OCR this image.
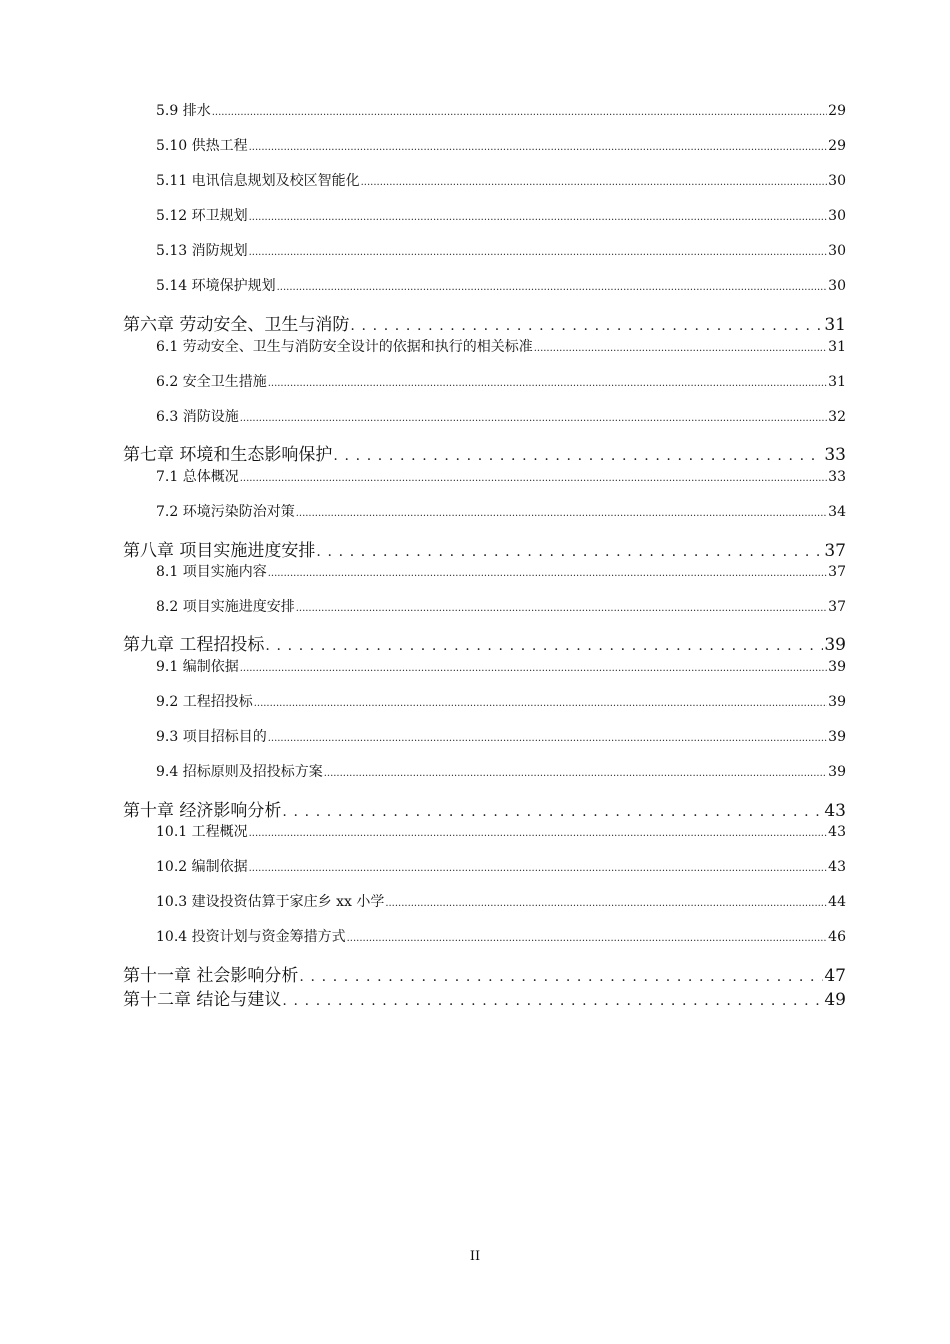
5.9 排水 .....	29
5.10 供热工程 .....	29
5.11 电讯信息规划及校区智能化 .....	30
5.12 环卫规划 .....	30
5.13 消防规划 .....	30
5.14 环境保护规划 .....	30
第六章 劳动安全、卫生与消防 . . .	31
6.1 劳动安全、卫生与消防安全设计的依据和执行的相关标准 .....	31
6.2 安全卫生措施 .....	31
6.3 消防设施 .....	32
第七章 环境和生态影响保护 . . .	33
7.1 总体概况 .....	33
7.2 环境污染防治对策 .....	34
第八章 项目实施进度安排 . . .	37
8.1 项目实施内容 .....	37
8.2 项目实施进度安排 .....	37
第九章 工程招投标 . . .	39
9.1 编制依据 .....	39
9.2 工程招投标 .....	39
9.3 项目招标目的 .....	39
9.4 招标原则及招投标方案 .....	39
第十章 经济影响分析 . . .	43
10.1 工程概况 .....	43
10.2 编制依据 .....	43
10.3 建设投资估算于家庄乡 xx 小学 .....	44
10.4 投资计划与资金筹措方式 .....	46
第十一章 社会影响分析 . . .	47
第十二章 结论与建议 . . .	49
II
